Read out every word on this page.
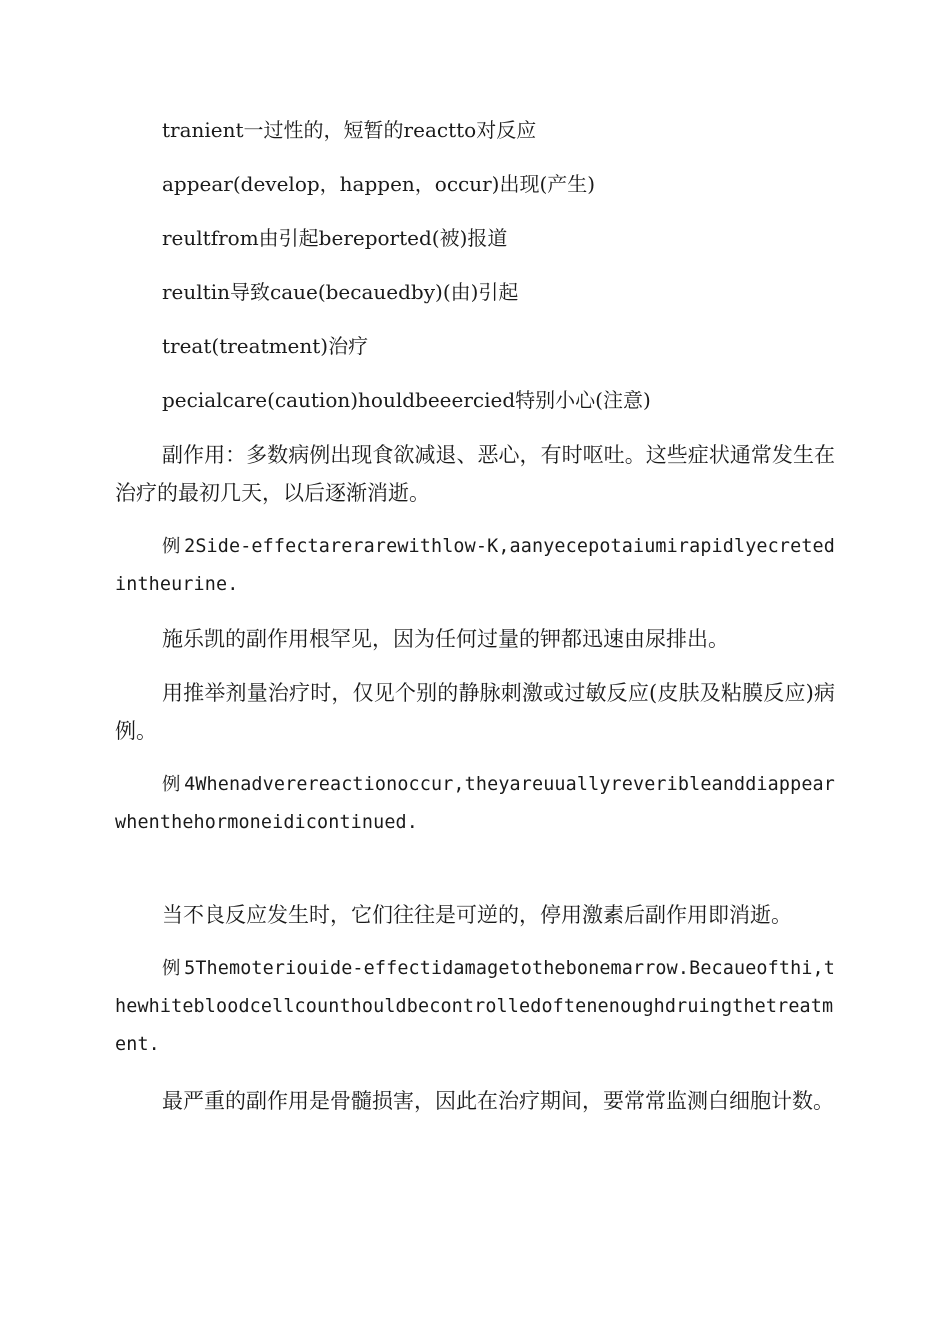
tranient一过性的，短暂的reactto对反应
appear(develop，happen，occur)出现(产生)
reultfrom由引起bereported(被)报道
reultin导致caue(becauedby)(由)引起
treat(treatment)治疗
pecialcare(caution)houldbeeercied特别小心(注意)
副作用：多数病例出现食欲减退、恶心，有时呕吐。这些症状通常发生在治疗的最初几天，以后逐渐消逝。
例2Side-effectarerarewithlow-K,aanyecepotaiumirapidlyecretedintheurine.
施乐凯的副作用根罕见，因为任何过量的钾都迅速由尿排出。
用推举剂量治疗时，仅见个别的静脉刺激或过敏反应(皮肤及粘膜反应)病例。
例4Whenadverereactionoccur,theyareuuallyreveribleanddiappearwhenthehormoneidicontinued.
当不良反应发生时，它们往往是可逆的，停用激素后副作用即消逝。
例5Themoteriouide-effectidamagetothebonemarrow.Becaueofthi,thewhitebloodcellcounthouldbecontrolledoftenenoughdruingthetreatment.
最严重的副作用是骨髓损害，因此在治疗期间，要常常监测白细胞计数。
